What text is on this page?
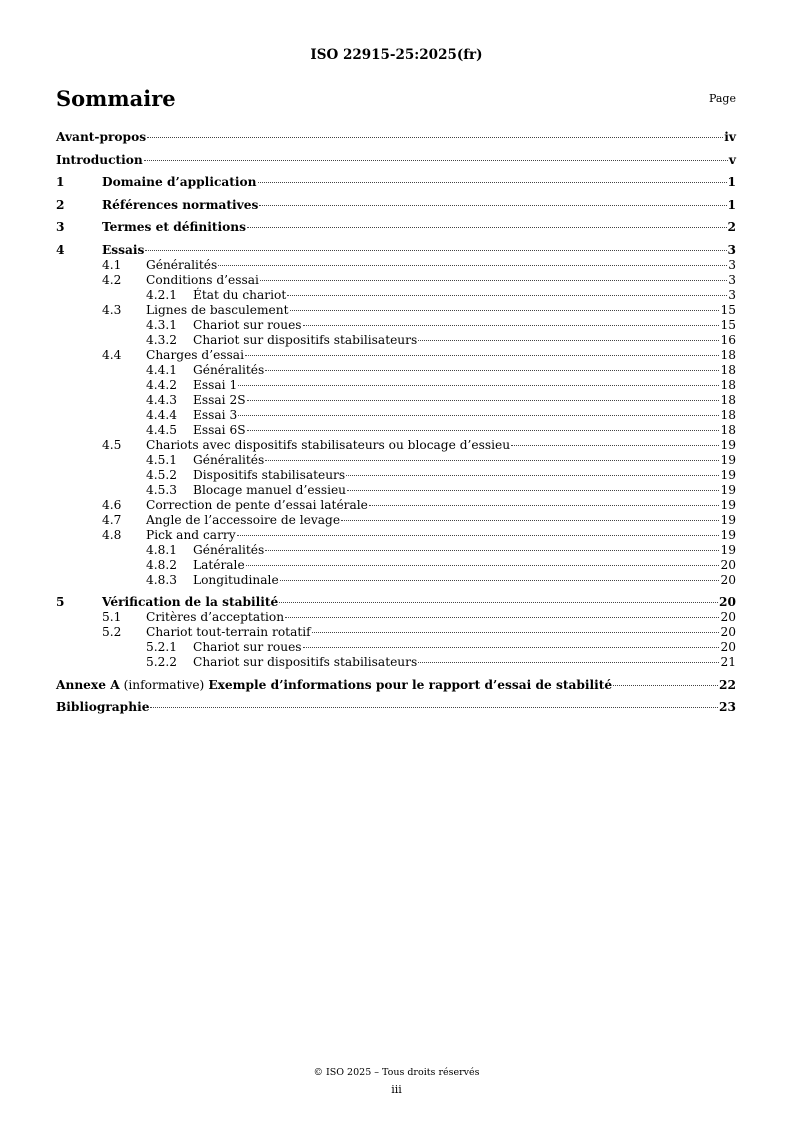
ISO 22915-25:2025(fr)
Sommaire	Page
Avant-propos	iv
Introduction	v
1	Domaine d’application	1
2	Références normatives	1
3	Termes et définitions	2
4	Essais	3
4.1	Généralités	3
4.2	Conditions d’essai	3
4.2.1	État du chariot	3
4.3	Lignes de basculement	15
4.3.1	Chariot sur roues	15
4.3.2	Chariot sur dispositifs stabilisateurs	16
4.4	Charges d’essai	18
4.4.1	Généralités	18
4.4.2	Essai 1	18
4.4.3	Essai 2S	18
4.4.4	Essai 3	18
4.4.5	Essai 6S	18
4.5	Chariots avec dispositifs stabilisateurs ou blocage d’essieu	19
4.5.1	Généralités	19
4.5.2	Dispositifs stabilisateurs	19
4.5.3	Blocage manuel d’essieu	19
4.6	Correction de pente d’essai latérale	19
4.7	Angle de l’accessoire de levage	19
4.8	Pick and carry	19
4.8.1	Généralités	19
4.8.2	Latérale	20
4.8.3	Longitudinale	20
5	Vérification de la stabilité	20
5.1	Critères d’acceptation	20
5.2	Chariot tout-terrain rotatif	20
5.2.1	Chariot sur roues	20
5.2.2	Chariot sur dispositifs stabilisateurs	21
Annexe A (informative) Exemple d’informations pour le rapport d’essai de stabilité	22
Bibliographie	23
© ISO 2025 – Tous droits réservés
iii
